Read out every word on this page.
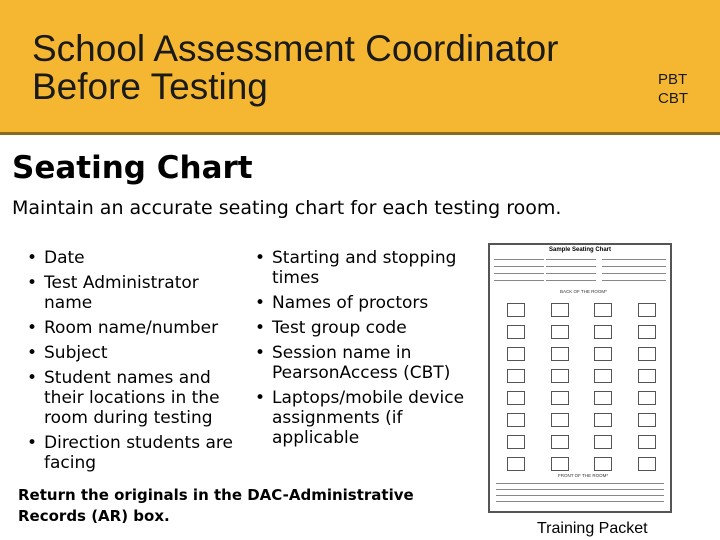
School Assessment Coordinator
Before Testing	PBT
CBT
Seating Chart
Maintain an accurate seating chart for each testing room.
• Date
• Test Administrator name
• Room name/number
• Subject
• Student names and their locations in the room during testing
• Direction students are facing
• Starting and stopping times
• Names of proctors
• Test group code
• Session name in PearsonAccess (CBT)
• Laptops/mobile device assignments (if applicable
Return the originals in the DAC-Administrative Records (AR) box.
Sample Seating Chart
BACK OF THE ROOM*
FRONT OF THE ROOM*
Training Packet
